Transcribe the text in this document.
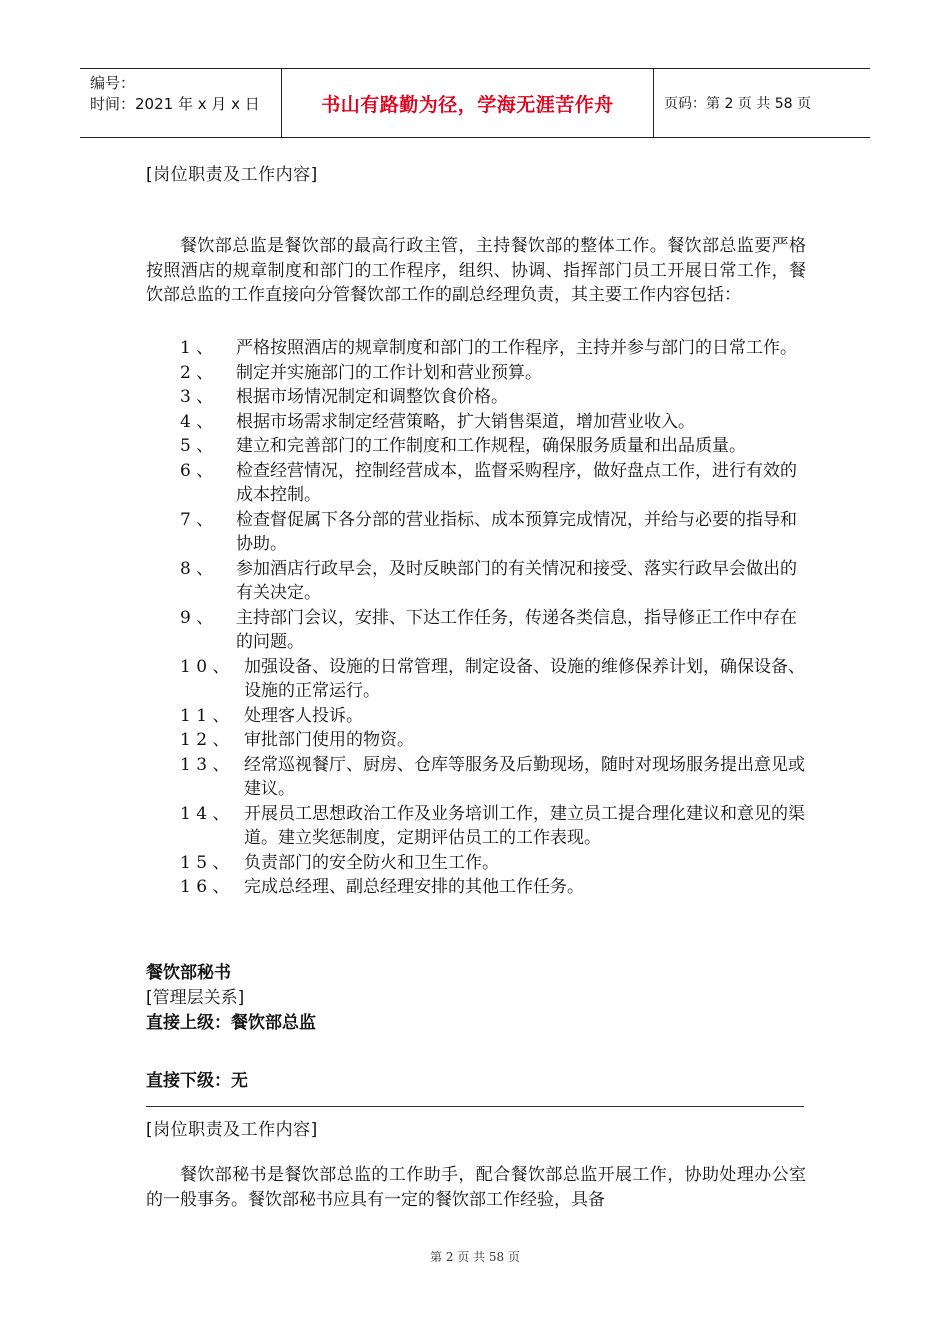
编号：
时间：2021 年 x 月 x 日	书山有路勤为径，学海无涯苦作舟	页码：第 2 页 共 58 页
[岗位职责及工作内容]

餐饮部总监是餐饮部的最高行政主管，主持餐饮部的整体工作。餐饮部总监要严格按照酒店的规章制度和部门的工作程序，组织、协调、指挥部门员工开展日常工作，餐饮部总监的工作直接向分管餐饮部工作的副总经理负责，其主要工作内容包括：

1 、	严格按照酒店的规章制度和部门的工作程序，主持并参与部门的日常工作。
2 、	制定并实施部门的工作计划和营业预算。
3 、	根据市场情况制定和调整饮食价格。
4 、	根据市场需求制定经营策略，扩大销售渠道，增加营业收入。
5 、	建立和完善部门的工作制度和工作规程，确保服务质量和出品质量。
6 、	检查经营情况，控制经营成本，监督采购程序，做好盘点工作，进行有效的成本控制。
7 、	检查督促属下各分部的营业指标、成本预算完成情况，并给与必要的指导和协助。
8 、	参加酒店行政早会，及时反映部门的有关情况和接受、落实行政早会做出的有关决定。
9 、	主持部门会议，安排、下达工作任务，传递各类信息，指导修正工作中存在的问题。
1 0 、 加强设备、设施的日常管理，制定设备、设施的维修保养计划，确保设备、设施的正常运行。
1 1 、 处理客人投诉。
1 2 、 审批部门使用的物资。
1 3 、 经常巡视餐厅、厨房、仓库等服务及后勤现场，随时对现场服务提出意见或建议。
1 4 、 开展员工思想政治工作及业务培训工作，建立员工提合理化建议和意见的渠道。建立奖惩制度，定期评估员工的工作表现。
1 5 、 负责部门的安全防火和卫生工作。
1 6 、 完成总经理、副总经理安排的其他工作任务。
餐饮部秘书
[管理层关系]
直接上级：餐饮部总监
直接下级：无
[岗位职责及工作内容]

餐饮部秘书是餐饮部总监的工作助手，配合餐饮部总监开展工作，协助处理办公室的一般事务。餐饮部秘书应具有一定的餐饮部工作经验，具备

第 2 页 共 58 页
